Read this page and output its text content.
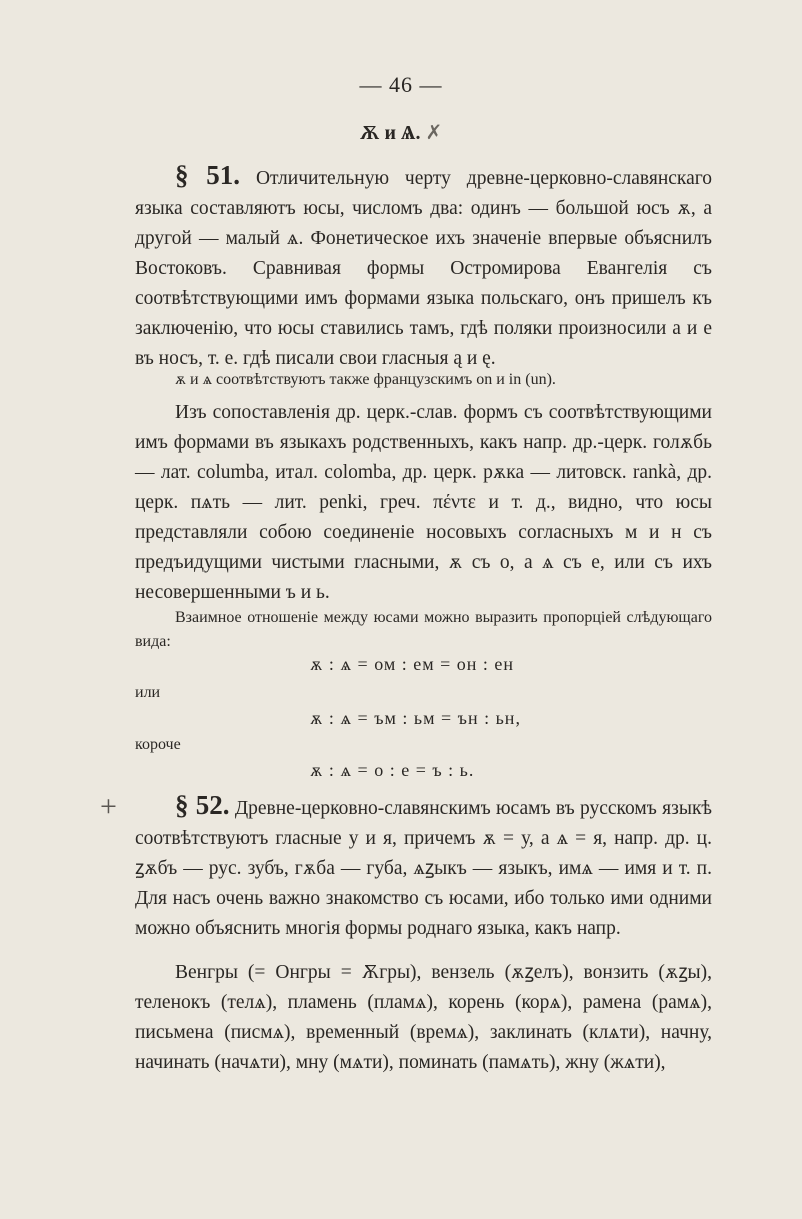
— 46 —
Ѫ и Ѧ. ✗

§ 51. Отличительную черту древне-церковно-славянскаго языка составляютъ юсы, числомъ два: одинъ — большой юсъ ѫ, а другой — малый ѧ. Фонетическое ихъ значеніе впервые объяснилъ Востоковъ. Сравнивая формы Остромирова Евангелія съ соотвѣтствующими имъ формами языка польскаго, онъ пришелъ къ заключенію, что юсы ставились тамъ, гдѣ поляки произносили а и е въ носъ, т. е. гдѣ писали свои гласныя ą и ę.

ѫ и ѧ соотвѣтствуютъ также французскимъ on и in (un).

Изъ сопоставленія др. церк.-слав. формъ съ соотвѣтствующими имъ формами въ языкахъ родственныхъ, какъ напр. др.-церк. голѫбь — лат. columba, итал. colomba, др. церк. рѫка — литовск. rankà, др. церк. пѧть — лит. penki, греч. πέντε и т. д., видно, что юсы представляли собою соединеніе носовыхъ согласныхъ м и н съ предъидущими чистыми гласными, ѫ съ о, а ѧ съ е, или съ ихъ несовершенными ъ и ь.

Взаимное отношеніе между юсами можно выразить пропорціей слѣдующаго вида:

ѫ : ѧ = ом : ем = он : ен
или
ѫ : ѧ = ъм : ьм = ън : ьн,
короче
ѫ : ѧ = о : е = ъ : ь.
+	§ 52. Древне-церковно-славянскимъ юсамъ въ русскомъ языкѣ соотвѣтствуютъ гласные у и я, причемъ ѫ = у, а ѧ = я, напр. др. ц. ꙁѫбъ — рус. зубъ, гѫба — губа, ѧꙁыкъ — языкъ, имѧ — имя и т. п. Для насъ очень важно знакомство съ юсами, ибо только ими одними можно объяснить многія формы роднаго языка, какъ напр.

Венгры (= Онгры = Ѫгры), вензель (ѫꙁелъ), вонзить (ѫꙁы), теленокъ (телѧ), пламень (пламѧ), корень (корѧ), рамена (рамѧ), письмена (писмѧ), временный (времѧ), заклинать (клѧти), начну, начинать (начѧти), мну (мѧти), поминать (памѧть), жну (жѧти),
